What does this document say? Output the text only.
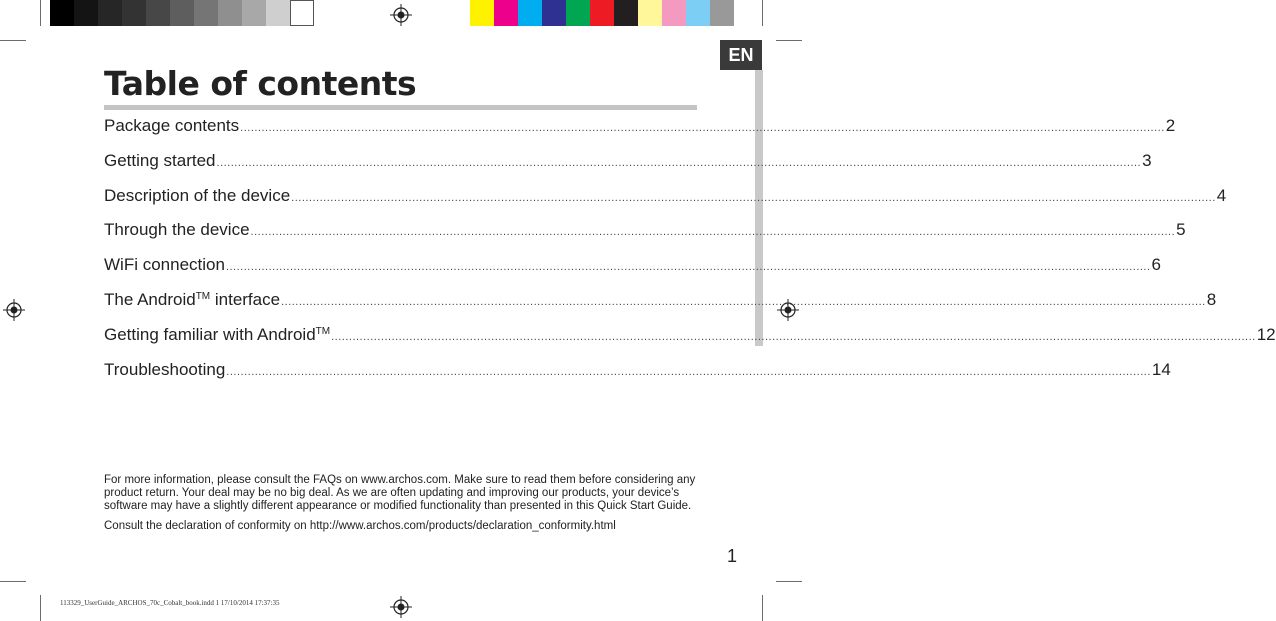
EN
Table of contents
Package contents .................................................................................................................................................................................................................................................................... 2
Getting started .................................................................................................................................................................................................................................................................... 3
Description of the device .................................................................................................................................................................................................................................................................... 4
Through the device .................................................................................................................................................................................................................................................................... 5
WiFi connection .................................................................................................................................................................................................................................................................... 6
The Android™ interface .................................................................................................................................................................................................................................................................... 8
Getting familiar with Android™ .................................................................................................................................................................................................................................................................... 12
Troubleshooting .................................................................................................................................................................................................................................................................... 14

For more information, please consult the FAQs on www.archos.com. Make sure to read them before considering any product return. Your deal may be no big deal. As we are often updating and improving our products, your device’s software may have a slightly different appearance or modified functionality than presented in this Quick Start Guide.

Consult the declaration of conformity on http://www.archos.com/products/declaration_conformity.html

1
113329_UserGuide_ARCHOS_70c_Cobalt_book.indd 1 17/10/2014 17:37:35
